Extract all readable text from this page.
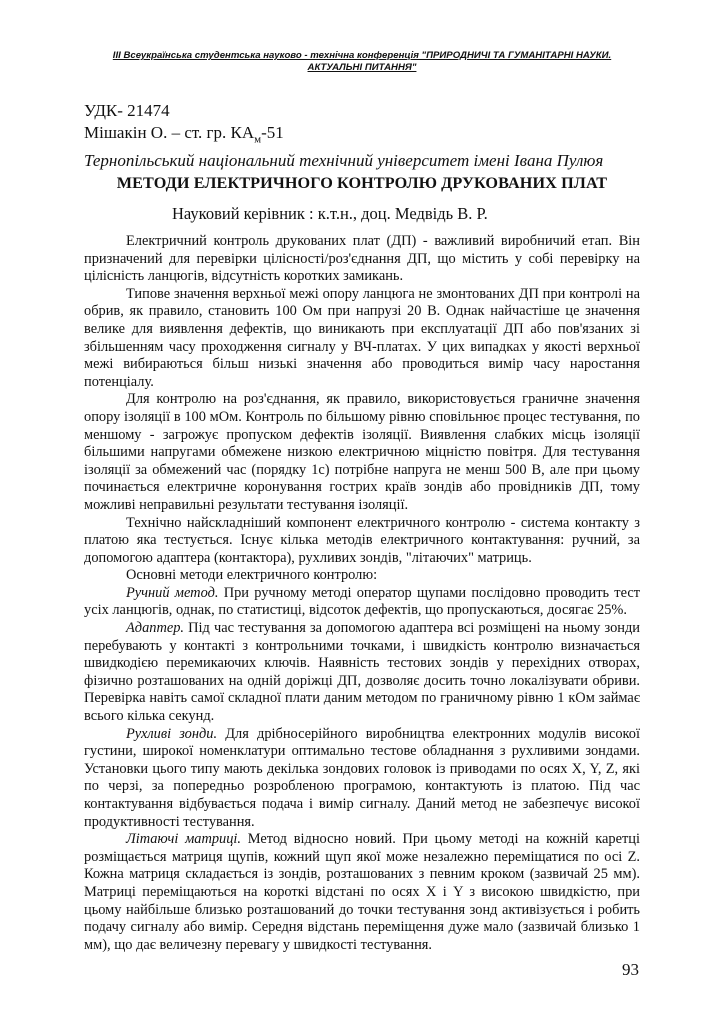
III Всеукраїнська студентська науково - технічна конференція "ПРИРОДНИЧІ ТА ГУМАНІТАРНІ НАУКИ.
АКТУАЛЬНІ ПИТАННЯ"
УДК- 21474
Мішакін О. – ст. гр. $КА_м-51$
Тернопільський національний технічний університет імені Івана Пулюя
МЕТОДИ ЕЛЕКТРИЧНОГО КОНТРОЛЮ ДРУКОВАНИХ ПЛАТ
Науковий керівник : к.т.н., доц. Медвідь В. Р.

Електричний контроль друкованих плат (ДП) - важливий виробничий етап. Він призначений для перевірки цілісності/роз'єднання ДП, що містить у собі перевірку на цілісність ланцюгів, відсутність коротких замикань.

Типове значення верхньої межі опору ланцюга не змонтованих ДП при контролі на обрив, як правило, становить 100 Ом при напрузі 20 В. Однак найчастіше це значення велике для виявлення дефектів, що виникають при експлуатації ДП або пов'язаних зі збільшенням часу проходження сигналу у ВЧ-платах. У цих випадках у якості верхньої межі вибираються більш низькі значення або проводиться вимір часу наростання потенціалу.

Для контролю на роз'єднання, як правило, використовується граничне значення опору ізоляції в 100 мОм. Контроль по більшому рівню сповільнює процес тестування, по меншому - загрожує пропуском дефектів ізоляції. Виявлення слабких місць ізоляції більшими напругами обмежене низкою електричною міцністю повітря. Для тестування ізоляції за обмежений час (порядку 1с) потрібне напруга не менш 500 В, але при цьому починається електричне коронування гострих країв зондів або провідників ДП, тому можливі неправильні результати тестування ізоляції.

Технічно найскладніший компонент електричного контролю - система контакту з платою яка тестується. Існує кілька методів електричного контактування: ручний, за допомогою адаптера (контактора), рухливих зондів, "літаючих" матриць.

Основні методи електричного контролю:

Ручний метод. При ручному методі оператор щупами послідовно проводить тест усіх ланцюгів, однак, по статистиці, відсоток дефектів, що пропускаються, досягає 25%.

Адаптер. Під час тестування за допомогою адаптера всі розміщені на ньому зонди перебувають у контакті з контрольними точками, і швидкість контролю визначається швидкодією перемикаючих ключів. Наявність тестових зондів у перехідних отворах, фізично розташованих на одній доріжці ДП, дозволяє досить точно локалізувати обриви. Перевірка навіть самої складної плати даним методом по граничному рівню 1 кОм займає всього кілька секунд.

Рухливі зонди. Для дрібносерійного виробництва електронних модулів високої густини, широкої номенклатури оптимально тестове обладнання з рухливими зондами. Установки цього типу мають декілька зондових головок із приводами по осях X, Y, Z, які по черзі, за попередньо розробленою програмою, контактують із платою. Під час контактування відбувається подача і вимір сигналу. Даний метод не забезпечує високої продуктивності тестування.

Літаючі матриці. Метод відносно новий. При цьому методі на кожній каретці розміщається матриця щупів, кожний щуп якої може незалежно переміщатися по осі Z. Кожна матриця складається із зондів, розташованих з певним кроком (зазвичай 25 мм). Матриці переміщаються на короткі відстані по осях X і Y з високою швидкістю, при цьому найбільше близько розташований до точки тестування зонд активізується і робить подачу сигналу або вимір. Середня відстань переміщення дуже мало (зазвичай близько 1 мм), що дає величезну перевагу у швидкості тестування.

93
